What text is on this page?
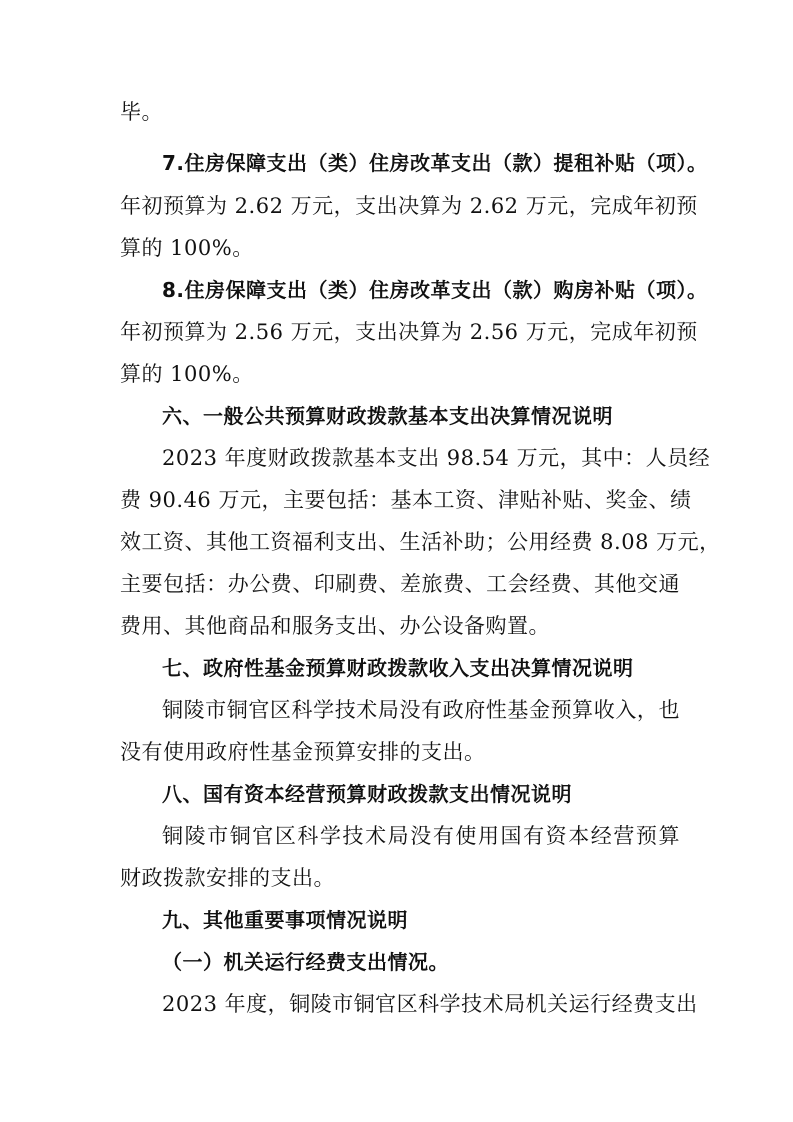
毕。
7.住房保障支出（类）住房改革支出（款）提租补贴（项）。
年初预算为 2.62 万元，支出决算为 2.62 万元，完成年初预
算的 100%。
8.住房保障支出（类）住房改革支出（款）购房补贴（项）。
年初预算为 2.56 万元，支出决算为 2.56 万元，完成年初预
算的 100%。
六、一般公共预算财政拨款基本支出决算情况说明
2023 年度财政拨款基本支出 98.54 万元，其中：人员经
费 90.46 万元，主要包括：基本工资、津贴补贴、奖金、绩
效工资、其他工资福利支出、生活补助；公用经费 8.08 万元，
主要包括：办公费、印刷费、差旅费、工会经费、其他交通
费用、其他商品和服务支出、办公设备购置。
七、政府性基金预算财政拨款收入支出决算情况说明
铜陵市铜官区科学技术局没有政府性基金预算收入，也
没有使用政府性基金预算安排的支出。
八、国有资本经营预算财政拨款支出情况说明
铜陵市铜官区科学技术局没有使用国有资本经营预算
财政拨款安排的支出。
九、其他重要事项情况说明
（一）机关运行经费支出情况。
2023 年度，铜陵市铜官区科学技术局机关运行经费支出
